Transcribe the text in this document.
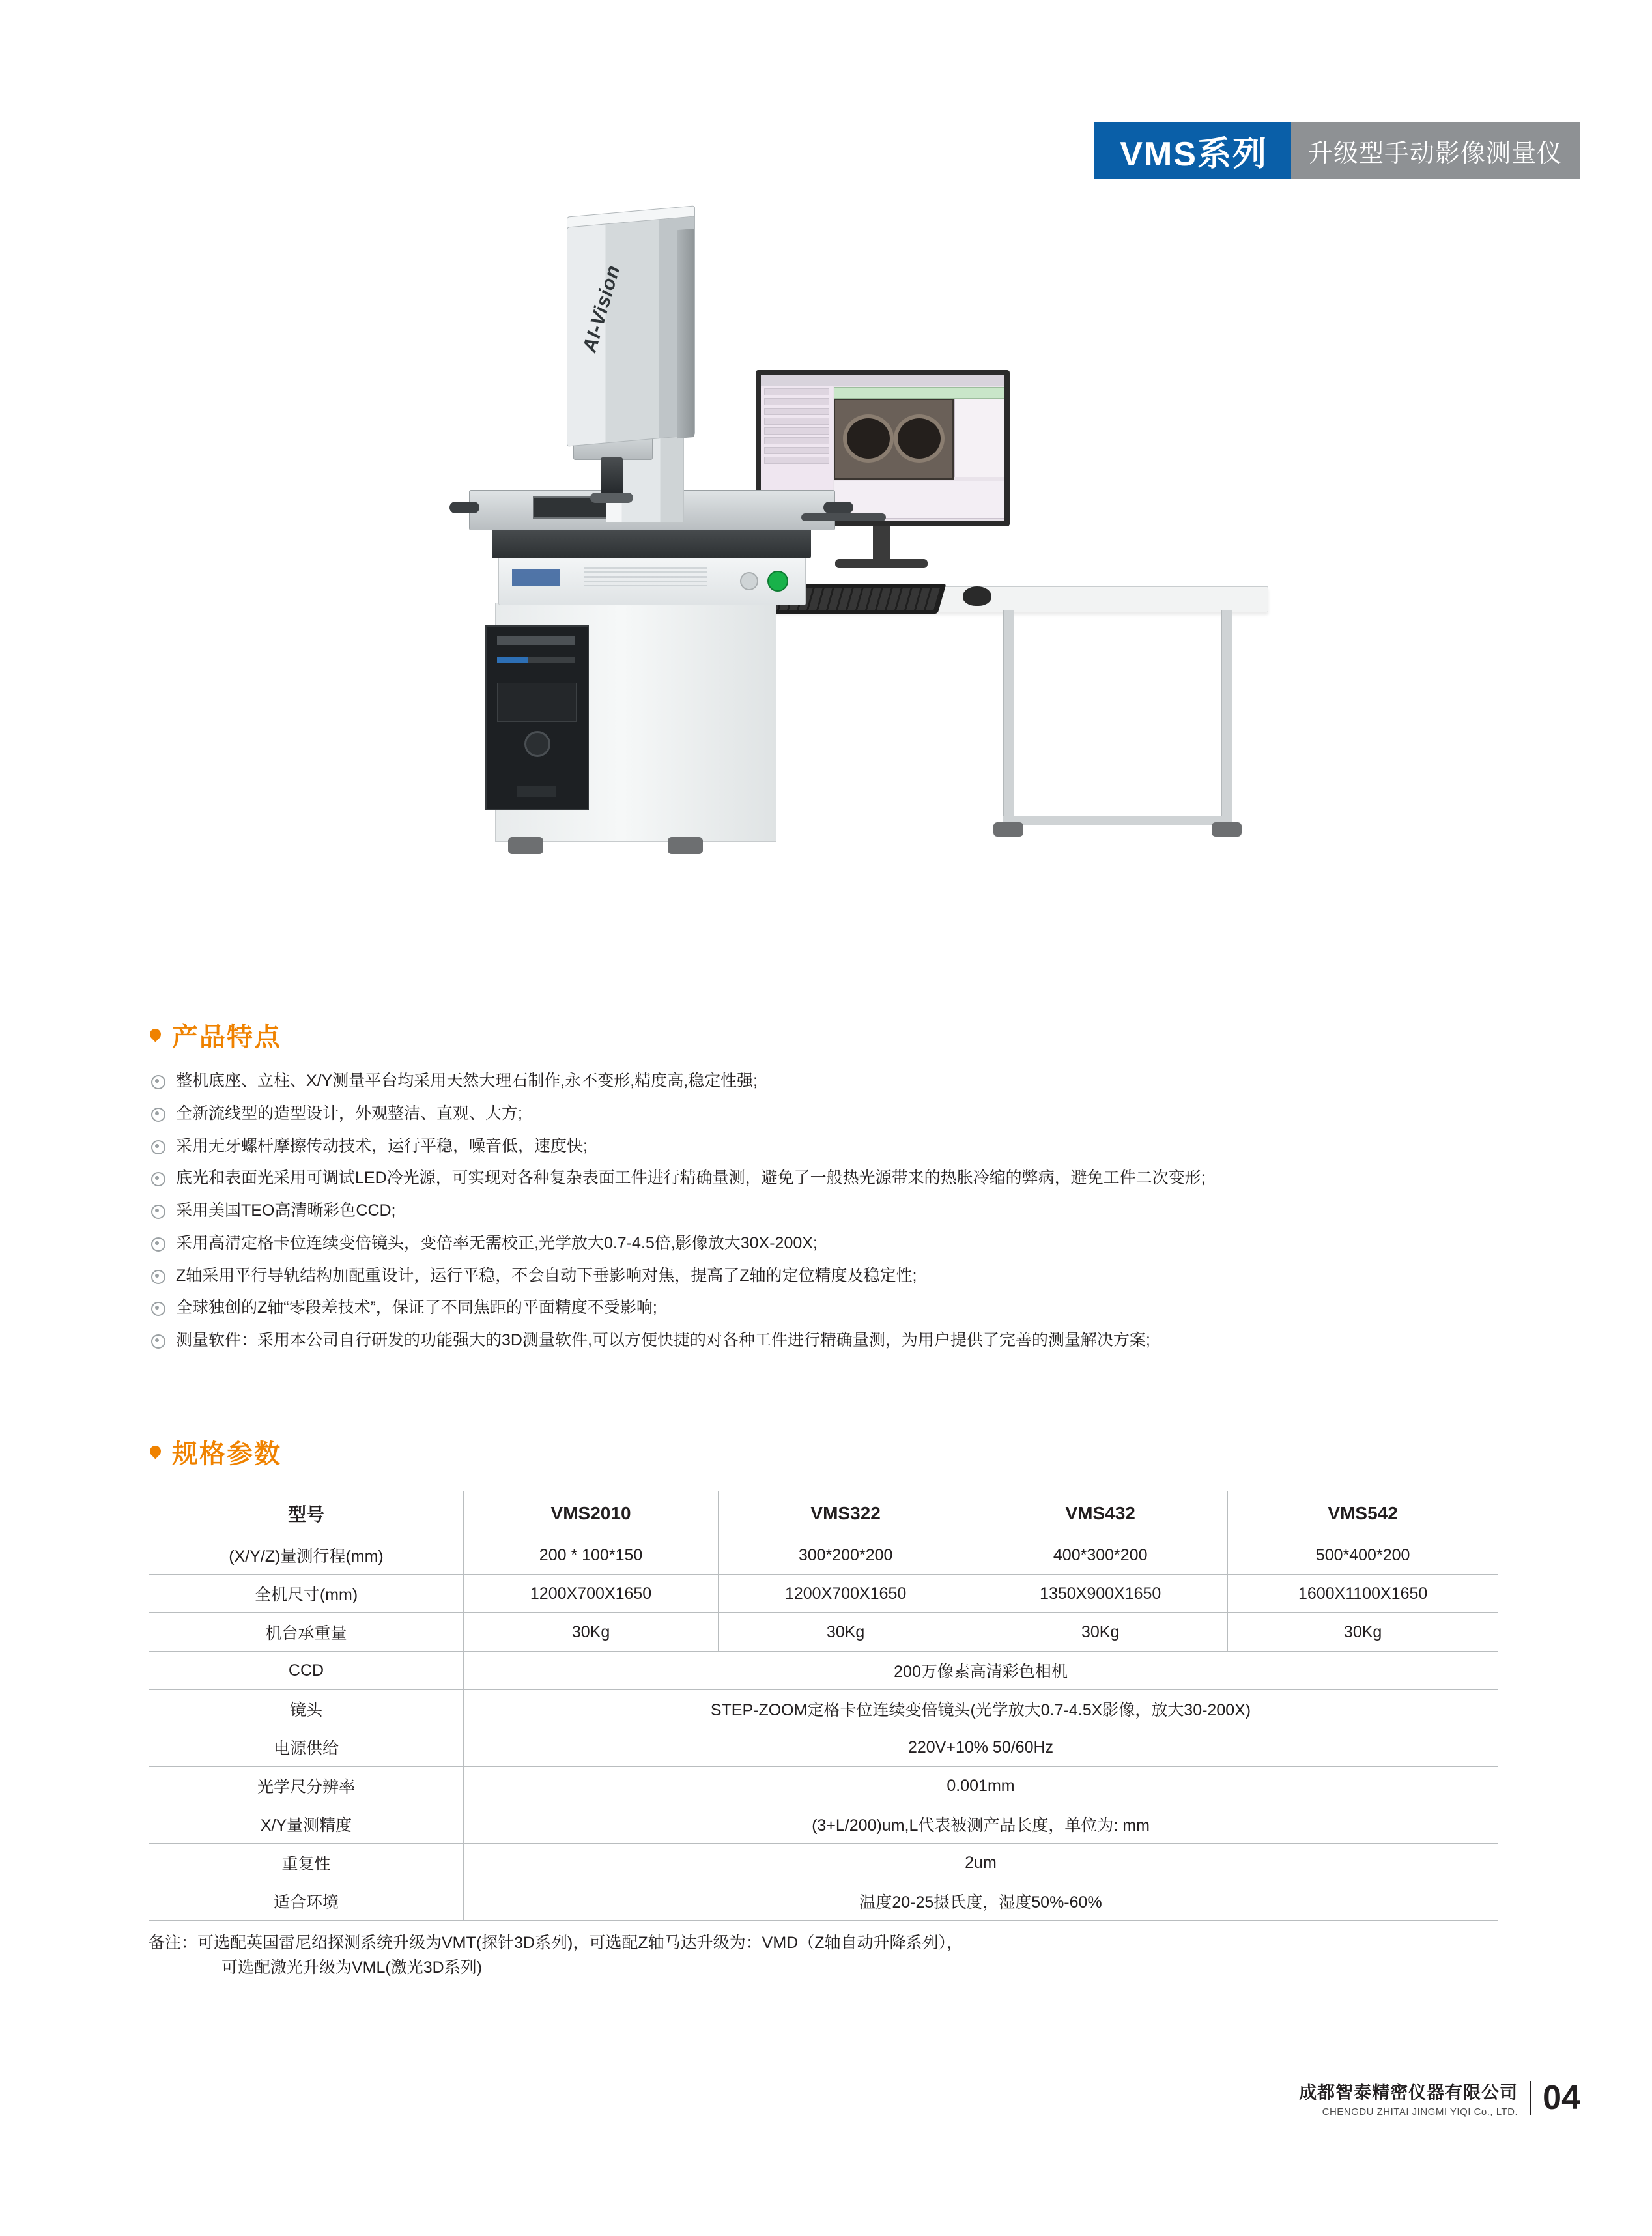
VMS系列	升级型手动影像测量仪
AI-Vision
产品特点
整机底座、立柱、X/Y测量平台均采用天然大理石制作,永不变形,精度高,稳定性强;
全新流线型的造型设计，外观整洁、直观、大方;
采用无牙螺杆摩擦传动技术，运行平稳，噪音低，速度快;
底光和表面光采用可调试LED冷光源，可实现对各种复杂表面工件进行精确量测，避免了一般热光源带来的热胀冷缩的弊病，避免工件二次变形;
采用美国TEO高清晰彩色CCD;
采用高清定格卡位连续变倍镜头，变倍率无需校正,光学放大0.7-4.5倍,影像放大30X-200X;
Z轴采用平行导轨结构加配重设计，运行平稳，不会自动下垂影响对焦，提高了Z轴的定位精度及稳定性;
全球独创的Z轴“零段差技术”，保证了不同焦距的平面精度不受影响;
测量软件：采用本公司自行研发的功能强大的3D测量软件,可以方便快捷的对各种工件进行精确量测，为用户提供了完善的测量解决方案;
规格参数
型号	VMS2010	VMS322	VMS432	VMS542
(X/Y/Z)量测行程(mm)	200 * 100*150	300*200*200	400*300*200	500*400*200
全机尺寸(mm)	1200X700X1650	1200X700X1650	1350X900X1650	1600X1100X1650
机台承重量	30Kg	30Kg	30Kg	30Kg
CCD	200万像素高清彩色相机			
镜头	STEP-ZOOM定格卡位连续变倍镜头(光学放大0.7-4.5X影像，放大30-200X)			
电源供给	220V+10% 50/60Hz			
光学尺分辨率	0.001mm			
X/Y量测精度	(3+L/200)um,L代表被测产品长度，单位为: mm			
重复性	2um			
适合环境	温度20-25摄氏度，湿度50%-60%			
备注：可选配英国雷尼绍探测系统升级为VMT(探针3D系列)，可选配Z轴马达升级为：VMD（Z轴自动升降系列），
可选配激光升级为VML(激光3D系列)
成都智泰精密仪器有限公司
CHENGDU ZHITAI JINGMI YIQI Co., LTD. 04
